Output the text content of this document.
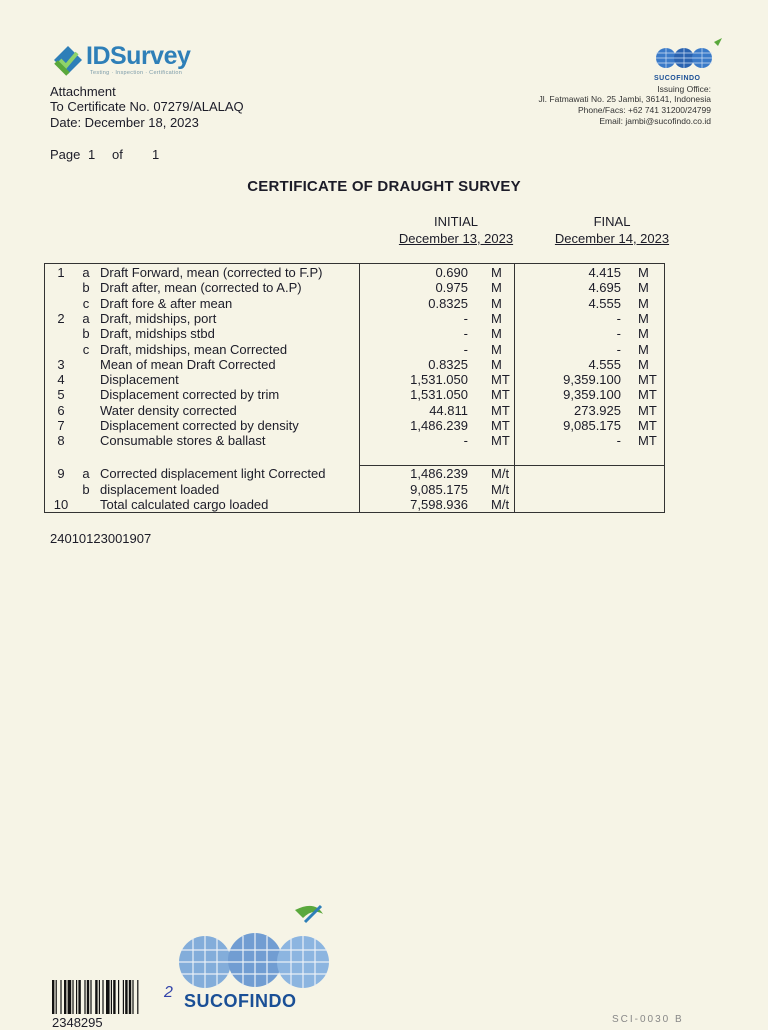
IDSurvey
Testing · Inspection · Certification
SUCOFINDO
Attachment
To Certificate No. 07279/ALALAQ
Date: December 18, 2023
Issuing Office:
Jl. Fatmawati No. 25 Jambi, 36141, Indonesia
Phone/Facs: +62 741 31200/24799
Email: jambi@sucofindo.co.id
Page 1 of 1
CERTIFICATE OF DRAUGHT SURVEY
INITIAL
December 13, 2023
FINAL
December 14, 2023
1	a Draft Forward, mean (corrected to F.P)	0.690 M	4.415 M
b Draft after, mean (corrected to A.P)	0.975 M	4.695 M
c Draft fore & after mean	0.8325 M	4.555 M
2	a Draft, midships, port	- M	- M
b Draft, midships stbd	- M	- M
c Draft, midships, mean Corrected	- M	- M
3	Mean of mean Draft Corrected	0.8325 M	4.555 M
4	Displacement	1,531.050 MT	9,359.100 MT
5	Displacement corrected by trim	1,531.050 MT	9,359.100 MT
6	Water density corrected	44.811 MT	273.925 MT
7	Displacement corrected by density	1,486.239 MT	9,085.175 MT
8	Consumable stores & ballast	- MT	- MT
9	a Corrected displacement light Corrected	1,486.239 M/t
b displacement loaded	9,085.175 M/t
10 Total calculated cargo loaded	7,598.936 M/t
24010123001907
SUCOFINDO
2
2348295	SCI-0030 B
